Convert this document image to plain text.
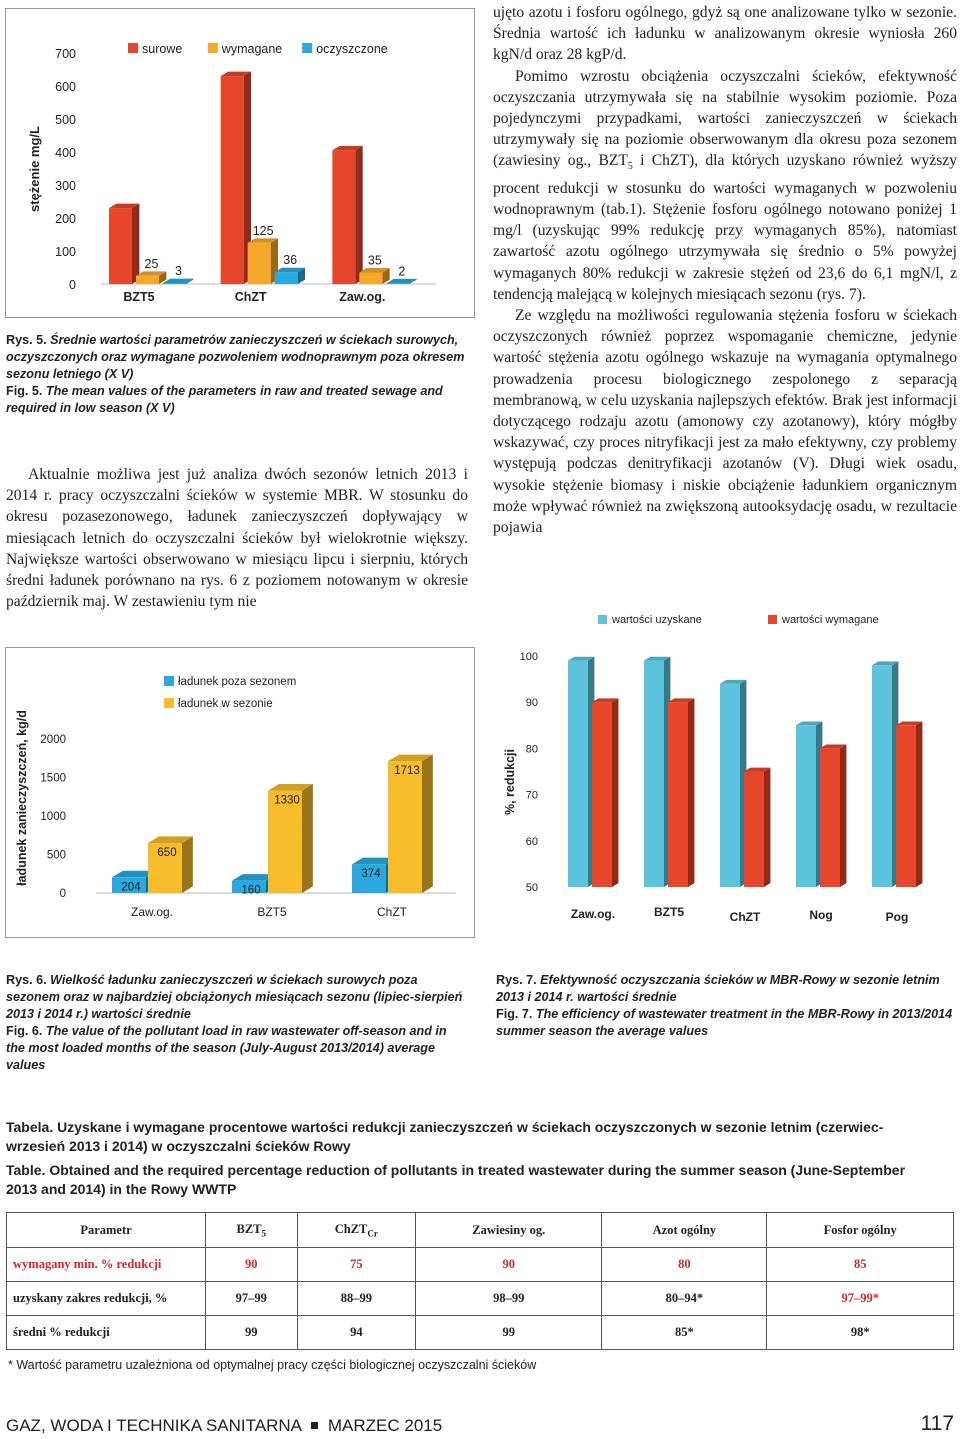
0
100
200
300
400
500
600
700
stężenie mg/L
25
3
BZT5
125
36
ChZT
35
2
Zaw.og.
surowe	wymagane	oczyszczone
Rys. 5. Średnie wartości parametrów zanieczyszczeń w ściekach surowych, oczyszczonych oraz wymagane pozwoleniem wodnoprawnym poza okresem sezonu letniego (X V)
Fig. 5. The mean values of the parameters in raw and treated sewage and required in low season (X V)

Aktualnie możliwa jest już analiza dwóch sezonów letnich 2013 i 2014 r. pracy oczyszczalni ścieków w systemie MBR. W stosunku do okresu pozasezonowego, ładunek zanieczyszczeń dopływający w miesiącach letnich do oczyszczalni ścieków był wielokrotnie większy. Największe wartości obserwowano w miesiącu lipcu i sierpniu, których średni ładunek porównano na rys. 6 z poziomem notowanym w okresie październik maj. W zestawieniu tym nie

ujęto azotu i fosforu ogólnego, gdyż są one analizowane tylko w sezonie. Średnia wartość ich ładunku w analizowanym okresie wyniosła 260 kgN/d oraz 28 kgP/d.

Pomimo wzrostu obciążenia oczyszczalni ścieków, efektywność oczyszczania utrzymywała się na stabilnie wysokim poziomie. Poza pojedynczymi przypadkami, wartości zanieczyszczeń w ściekach utrzymywały się na poziomie obserwowanym dla okresu poza sezonem (zawiesiny og., $BZT_5$ i ChZT), dla których uzyskano również wyższy procent redukcji w stosunku do wartości wymaganych w pozwoleniu wodnoprawnym (tab.1). Stężenie fosforu ogólnego notowano poniżej 1 mg/l (uzyskując 99% redukcję przy wymaganych 85%), natomiast zawartość azotu ogólnego utrzymywała się średnio o 5% powyżej wymaganych 80% redukcji w zakresie stężeń od 23,6 do 6,1 mgN/l, z tendencją malejącą w kolejnych miesiącach sezonu (rys. 7).

Ze względu na możliwości regulowania stężenia fosforu w ściekach oczyszczonych również poprzez wspomaganie chemiczne, jedynie wartość stężenia azotu ogólnego wskazuje na wymagania optymalnego prowadzenia procesu biologicznego zespolonego z separacją membranową, w celu uzyskania najlepszych efektów. Brak jest informacji dotyczącego rodzaju azotu (amonowy czy azotanowy), który mógłby wskazywać, czy proces nitryfikacji jest za mało efektywny, czy problemy występują podczas denitryfikacji azotanów (V). Długi wiek osadu, wysokie stężenie biomasy i niskie obciążenie ładunkiem organicznym może wpływać również na zwiększoną autooksydację osadu, w rezultacie pojawia

0
500
1000
1500
2000
ładunek zanieczyszczeń, kg/d
204
650
Zaw.og.
160
1330
BZT5
374
1713
ChZT
ładunek poza sezonem
ładunek w sezonie
50
60
70
80
90
100
%, redukcji
Zaw.og.	BZT5	ChZT	Nog	Pog
wartości uzyskane	wartości wymagane
Rys. 6. Wielkość ładunku zanieczyszczeń w ściekach surowych poza sezonem oraz w najbardziej obciążonych miesiącach sezonu (lipiec-sierpień 2013 i 2014 r.) wartości średnie
Fig. 6. The value of the pollutant load in raw wastewater off-season and in the most loaded months of the season (July-August 2013/2014) average values
Rys. 7. Efektywność oczyszczania ścieków w MBR-Rowy w sezonie letnim 2013 i 2014 r. wartości średnie
Fig. 7. The efficiency of wastewater treatment in the MBR-Rowy in 2013/2014 summer season the average values
Tabela. Uzyskane i wymagane procentowe wartości redukcji zanieczyszczeń w ściekach oczyszczonych w sezonie letnim (czerwiec-wrzesień 2013 i 2014) w oczyszczalni ścieków Rowy
Table. Obtained and the required percentage reduction of pollutants in treated wastewater during the summer season (June-September 2013 and 2014) in the Rowy WWTP
Parametr	$BZT_5$	ChZT$_{Cr}$	Zawiesiny og.	Azot ogólny	Fosfor ogólny
wymagany min. % redukcji	90	75	90	80	85
uzyskany zakres redukcji, %	97–99	88–99	98–99	80–94*	97–99*
średni % redukcji	99	94	99	85*	98*
* Wartość parametru uzależniona od optymalnej pracy części biologicznej oczyszczalni ścieków
GAZ, WODA I TECHNIKA SANITARNA MARZEC 2015	117
